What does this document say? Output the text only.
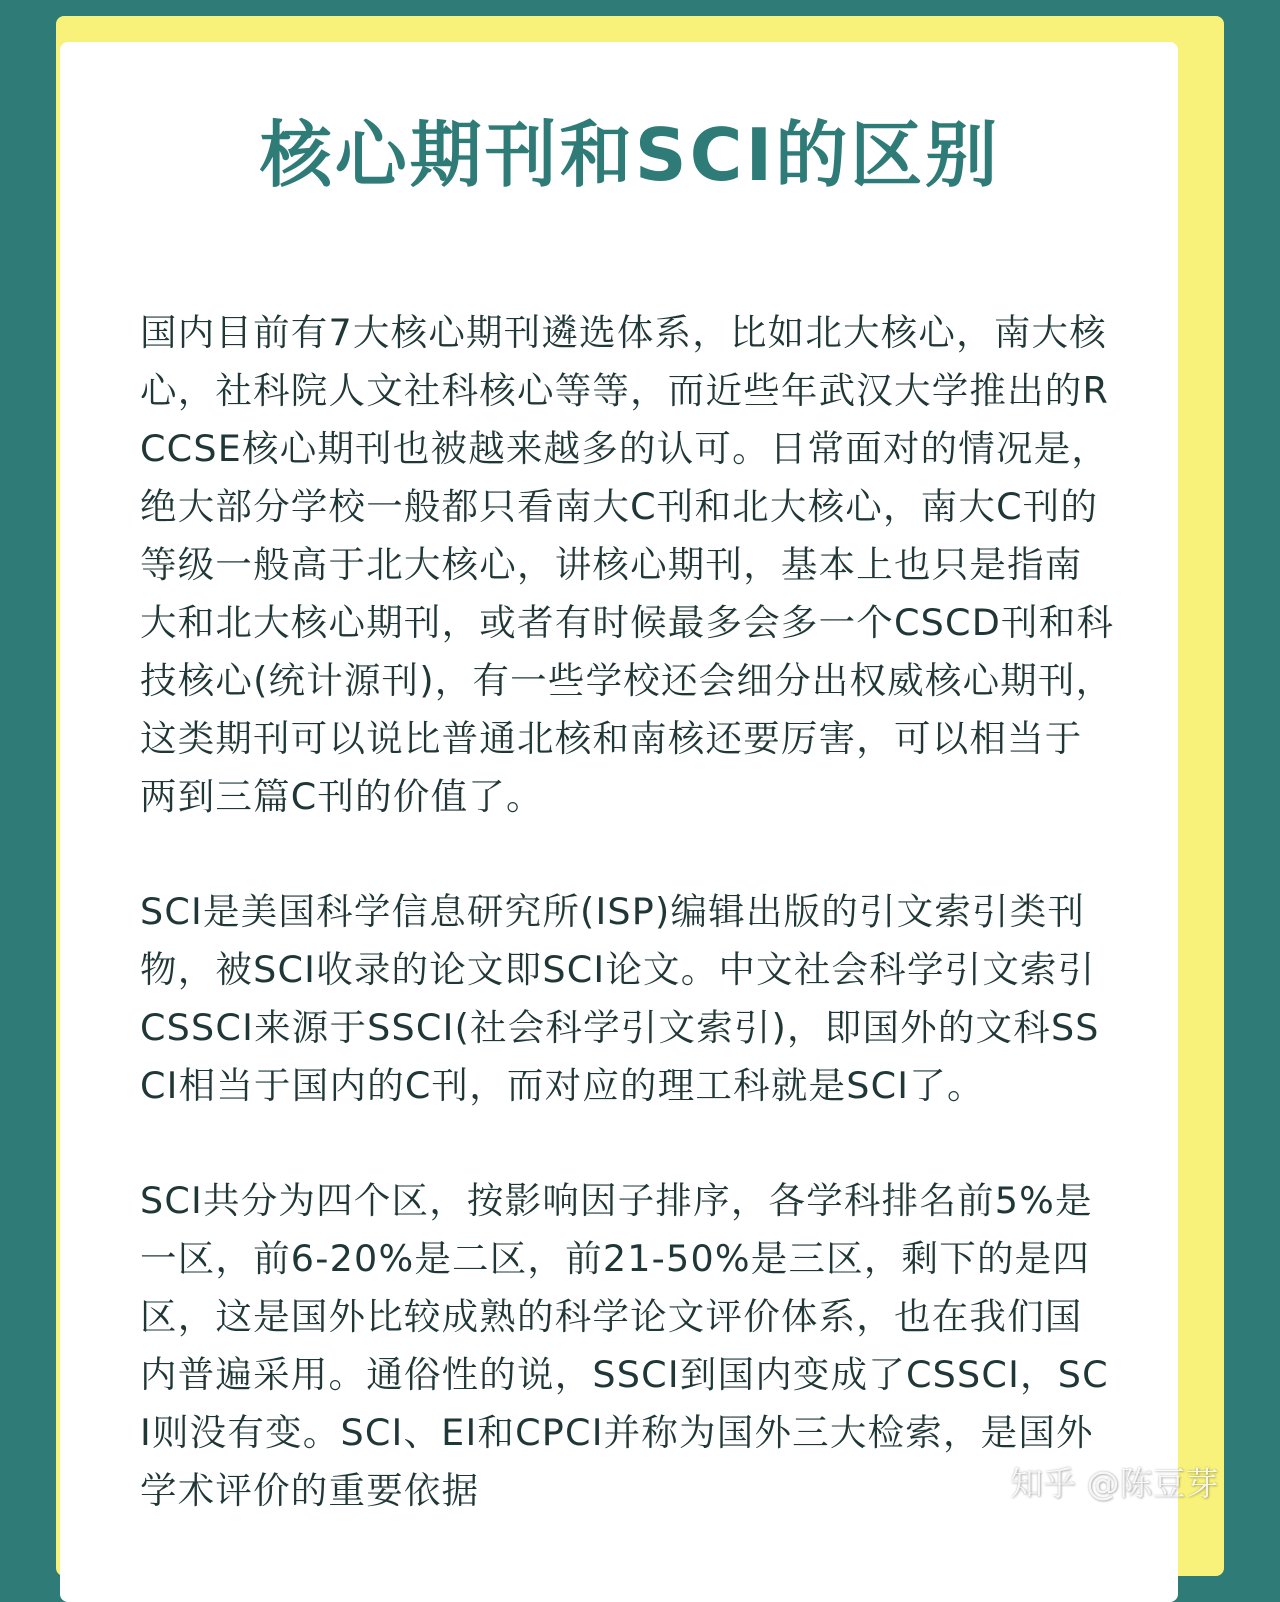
核心期刊和SCI的区别

国内目前有7大核心期刊遴选体系，比如北大核心，南大核心，社科院人文社科核心等等，而近些年武汉大学推出的RCCSE核心期刊也被越来越多的认可。日常面对的情况是，绝大部分学校一般都只看南大C刊和北大核心，南大C刊的等级一般高于北大核心，讲核心期刊，基本上也只是指南大和北大核心期刊，或者有时候最多会多一个CSCD刊和科技核心(统计源刊)，有一些学校还会细分出权威核心期刊，这类期刊可以说比普通北核和南核还要厉害，可以相当于两到三篇C刊的价值了。

SCI是美国科学信息研究所(ISP)编辑出版的引文索引类刊物，被SCI收录的论文即SCI论文。中文社会科学引文索引CSSCI来源于SSCI(社会科学引文索引)，即国外的文科SSCI相当于国内的C刊，而对应的理工科就是SCI了。

SCI共分为四个区，按影响因子排序，各学科排名前5%是一区，前6-20%是二区，前21-50%是三区，剩下的是四区，这是国外比较成熟的科学论文评价体系，也在我们国内普遍采用。通俗性的说，SSCI到国内变成了CSSCI，SCI则没有变。SCI、EI和CPCI并称为国外三大检索，是国外学术评价的重要依据	知乎 @陈豆芽
